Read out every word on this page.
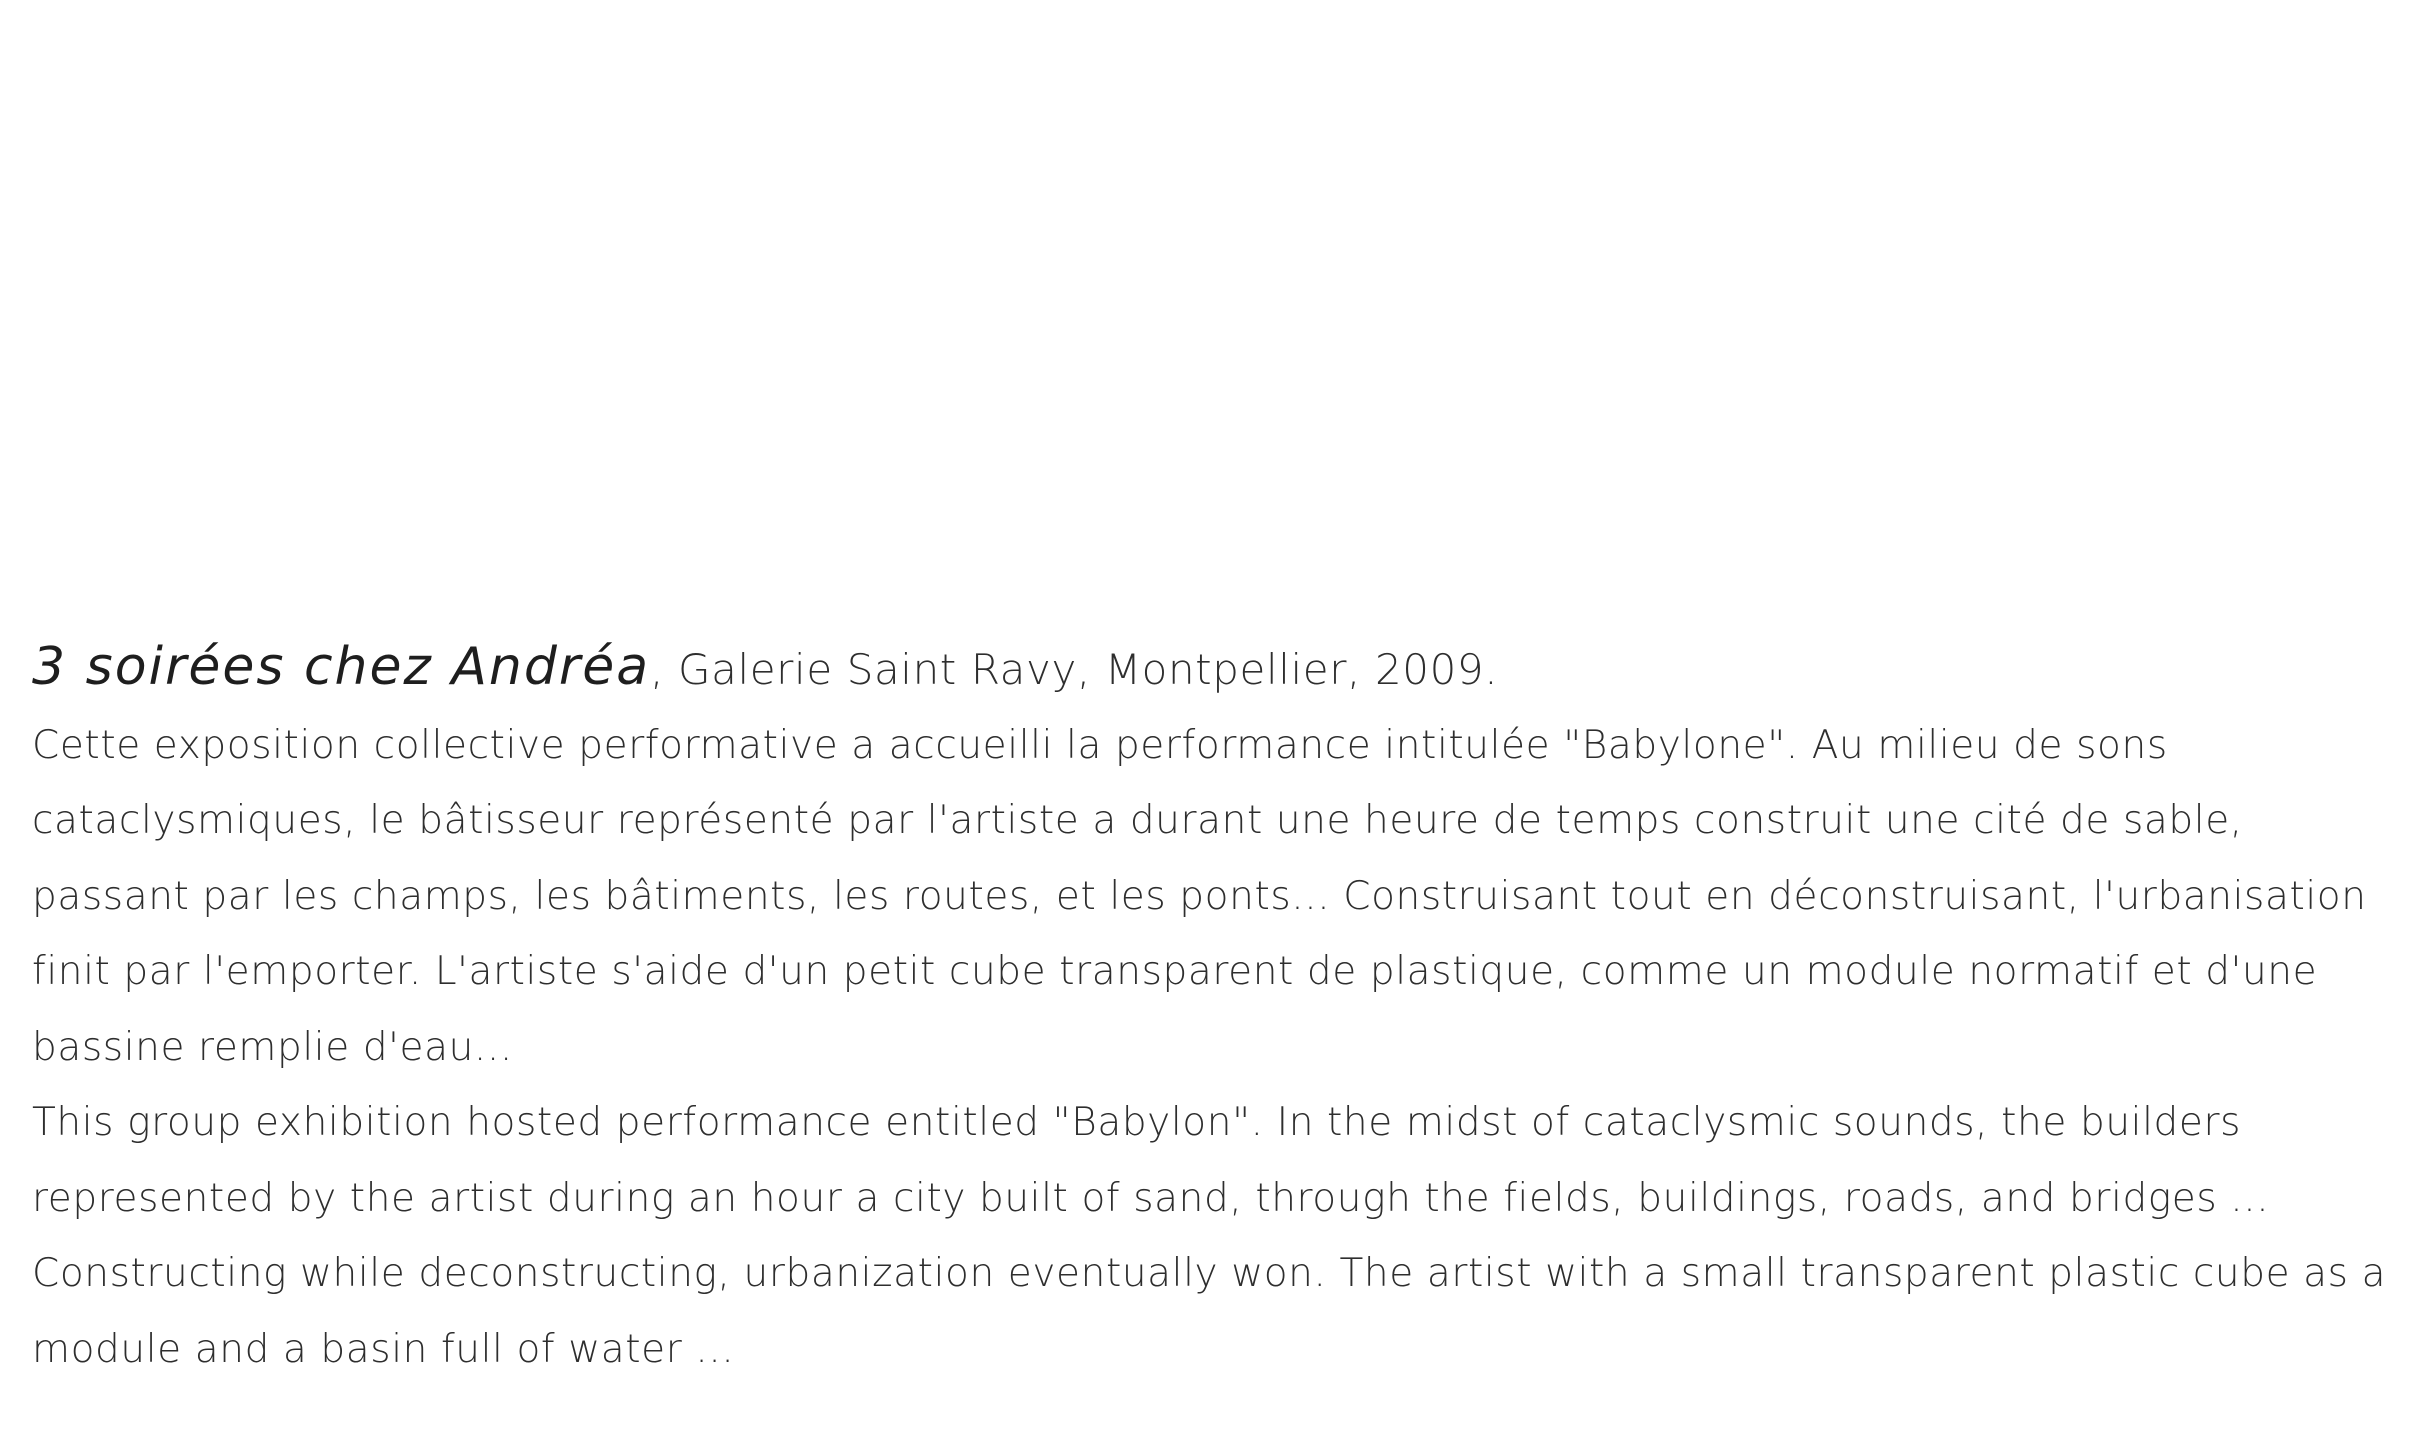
3 soirées chez Andréa, Galerie Saint Ravy, Montpellier, 2009.

Cette exposition collective performative a accueilli la performance intitulée "Babylone". Au milieu de sons cataclysmiques, le bâtisseur représenté par l'artiste a durant une heure de temps construit une cité de sable, passant par les champs, les bâtiments, les routes, et les ponts... Construisant tout en déconstruisant, l'urbanisation finit par l'emporter. L'artiste s'aide d'un petit cube transparent de plastique, comme un module normatif et d'une bassine remplie d'eau...

This group exhibition hosted performance entitled "Babylon". In the midst of cataclysmic sounds, the builders represented by the artist during an hour a city built of sand, through the fields, buildings, roads, and bridges ... Constructing while deconstructing, urbanization eventually won. The artist with a small transparent plastic cube as a module and a basin full of water ...
